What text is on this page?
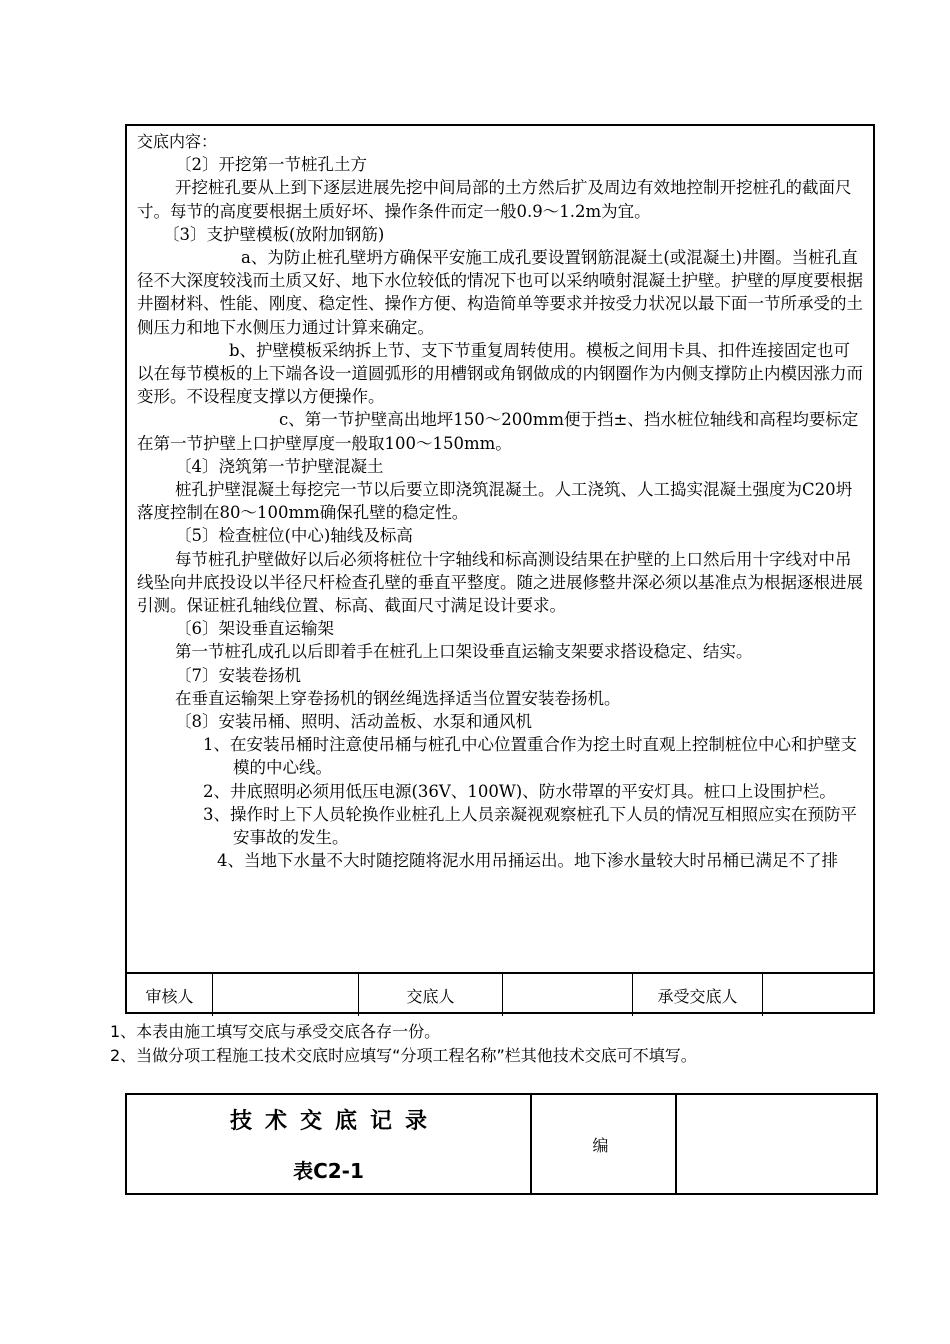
交底内容：

〔2〕开挖第一节桩孔土方

开挖桩孔要从上到下逐层进展先挖中间局部的土方然后扩及周边有效地控制开挖桩孔的截面尺寸。每节的高度要根据土质好坏、操作条件而定一般0.9～1.2m为宜。

〔3〕支护壁模板(放附加钢筋)

a、为防止桩孔壁坍方确保平安施工成孔要设置钢筋混凝土(或混凝土)井圈。当桩孔直径不大深度较浅而土质又好、地下水位较低的情况下也可以采纳喷射混凝土护壁。护壁的厚度要根据井圈材料、性能、刚度、稳定性、操作方便、构造简单等要求并按受力状况以最下面一节所承受的土侧压力和地下水侧压力通过计算来确定。

b、护壁模板采纳拆上节、支下节重复周转使用。模板之间用卡具、扣件连接固定也可以在每节模板的上下端各设一道圆弧形的用槽钢或角钢做成的内钢圈作为内侧支撑防止内模因涨力而变形。不设程度支撑以方便操作。

c、第一节护壁高出地坪150～200mm便于挡±、挡水桩位轴线和高程均要标定在第一节护壁上口护壁厚度一般取100～150mm。

〔4〕浇筑第一节护壁混凝土

桩孔护壁混凝土每挖完一节以后要立即浇筑混凝土。人工浇筑、人工捣实混凝土强度为C20坍落度控制在80～100mm确保孔壁的稳定性。

〔5〕检查桩位(中心)轴线及标高

每节桩孔护壁做好以后必须将桩位十字轴线和标高测设结果在护壁的上口然后用十字线对中吊线坠向井底投设以半径尺杆检查孔壁的垂直平整度。随之进展修整井深必须以基准点为根据逐根进展引测。保证桩孔轴线位置、标高、截面尺寸满足设计要求。

〔6〕架设垂直运输架

第一节桩孔成孔以后即着手在桩孔上口架设垂直运输支架要求搭设稳定、结实。

〔7〕安装卷扬机

在垂直运输架上穿卷扬机的钢丝绳选择适当位置安装卷扬机。

〔8〕安装吊桶、照明、活动盖板、水泵和通风机

1、在安装吊桶时注意使吊桶与桩孔中心位置重合作为挖土时直观上控制桩位中心和护壁支模的中心线。

2、井底照明必须用低压电源(36V、100W)、防水带罩的平安灯具。桩口上设围护栏。

3、操作时上下人员轮换作业桩孔上人员亲凝视观察桩孔下人员的情况互相照应实在预防平安事故的发生。

4、当地下水量不大时随挖随将泥水用吊捅运出。地下渗水量较大时吊桶已满足不了排

审核人	交底人	承受交底人

1、本表由施工填写交底与承受交底各存一份。

2、当做分项工程施工技术交底时应填写“分项工程名称”栏其他技术交底可不填写。

技术交底记录
表C2-1
编
